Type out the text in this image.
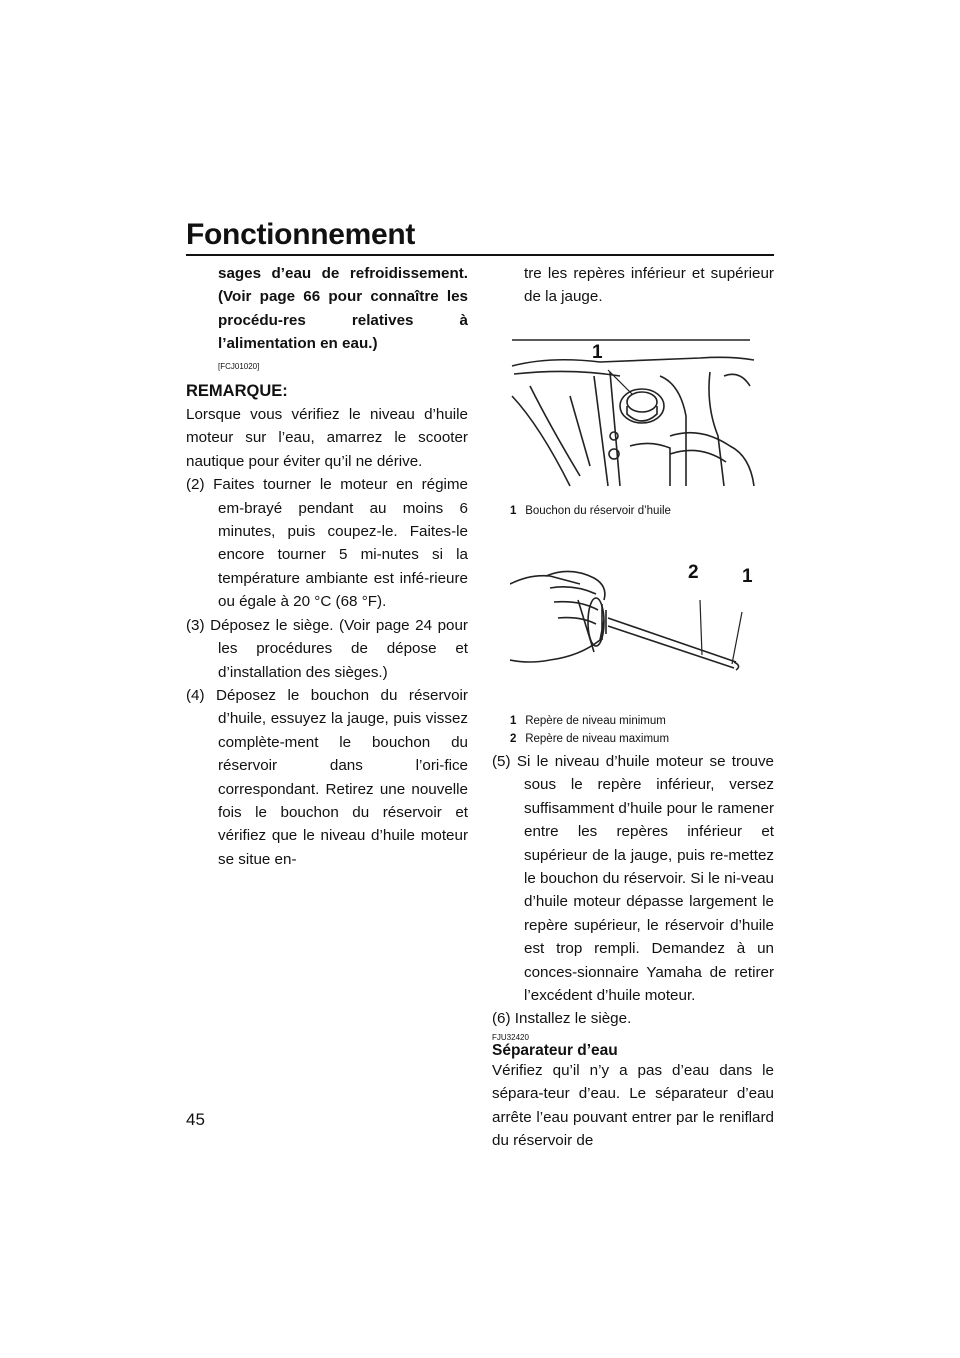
Fonctionnement

sages d’eau de refroidissement. (Voir page 66 pour connaître les procédu-res relatives à l’alimentation en eau.)

[FCJ01020]
REMARQUE:

Lorsque vous vérifiez le niveau d’huile moteur sur l’eau, amarrez le scooter nautique pour éviter qu’il ne dérive.

(2) Faites tourner le moteur en régime em-brayé pendant au moins 6 minutes, puis coupez-le. Faites-le encore tourner 5 mi-nutes si la température ambiante est infé-rieure ou égale à 20 °C (68 °F).

(3) Déposez le siège. (Voir page 24 pour les procédures de dépose et d’installation des sièges.)

(4) Déposez le bouchon du réservoir d’huile, essuyez la jauge, puis vissez complète-ment le bouchon du réservoir dans l’ori-fice correspondant. Retirez une nouvelle fois le bouchon du réservoir et vérifiez que le niveau d’huile moteur se situe en-

tre les repères inférieur et supérieur de la jauge.

1
1 Bouchon du réservoir d’huile
2 1
1 Repère de niveau minimum
2 Repère de niveau maximum

(5) Si le niveau d’huile moteur se trouve sous le repère inférieur, versez suffisamment d’huile pour le ramener entre les repères inférieur et supérieur de la jauge, puis re-mettez le bouchon du réservoir. Si le ni-veau d’huile moteur dépasse largement le repère supérieur, le réservoir d’huile est trop rempli. Demandez à un conces-sionnaire Yamaha de retirer l’excédent d’huile moteur.

(6) Installez le siège.

FJU32420
Séparateur d’eau

Vérifiez qu’il n’y a pas d’eau dans le sépara-teur d’eau. Le séparateur d’eau arrête l’eau pouvant entrer par le reniflard du réservoir de

45
